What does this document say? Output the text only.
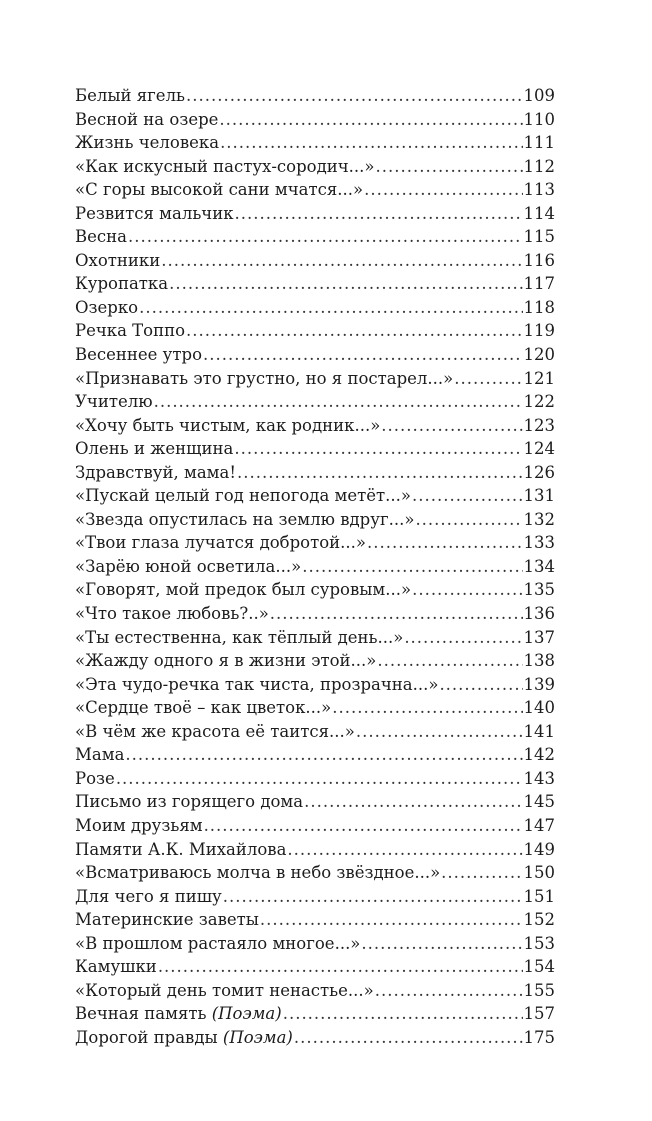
Белый ягель .....	109
Весной на озере .....	110
Жизнь человека .....	111
«Как искусный пастух-сородич...» .....	112
«С горы высокой сани мчатся...» .....	113
Резвится мальчик .....	114
Весна .....	115
Охотники .....	116
Куропатка .....	117
Озерко .....	118
Речка Топпо .....	119
Весеннее утро .....	120
«Признавать это грустно, но я постарел...» .....	121
Учителю .....	122
«Хочу быть чистым, как родник...» .....	123
Олень и женщина .....	124
Здравствуй, мама! .....	126
«Пускай целый год непогода метёт...» .....	131
«Звезда опустилась на землю вдруг...» .....	132
«Твои глаза лучатся добротой...» .....	133
«Зарёю юной осветила...» .....	134
«Говорят, мой предок был суровым...» .....	135
«Что такое любовь?..» .....	136
«Ты естественна, как тёплый день...» .....	137
«Жажду одного я в жизни этой...» .....	138
«Эта чудо-речка так чиста, прозрачна...» .....	139
«Сердце твоё – как цветок...» .....	140
«В чём же красота её таится...» .....	141
Мама .....	142
Розе .....	143
Письмо из горящего дома .....	145
Моим друзьям .....	147
Памяти А.К. Михайлова .....	149
«Всматриваюсь молча в небо звёздное...» .....	150
Для чего я пишу .....	151
Материнские заветы .....	152
«В прошлом растаяло многое...» .....	153
Камушки .....	154
«Который день томит ненастье...» .....	155
Вечная память (Поэма) .....	157
Дорогой правды (Поэма) .....	175
